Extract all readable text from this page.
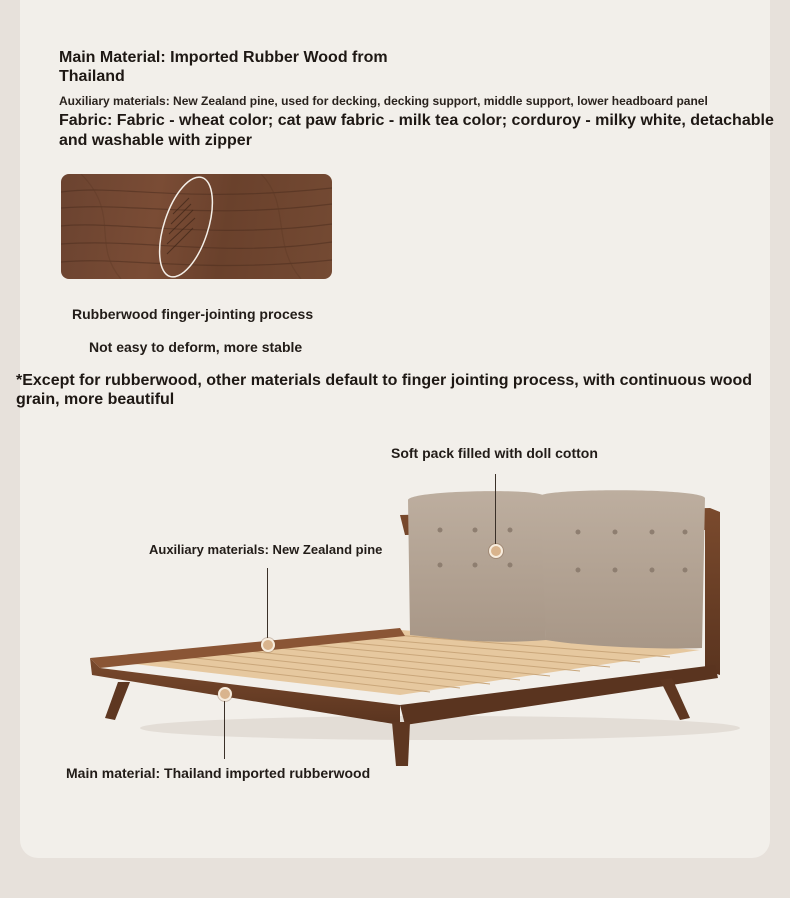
Main Material: Imported Rubber Wood from Thailand

Auxiliary materials: New Zealand pine, used for decking, decking support, middle support, lower headboard panel

Fabric: Fabric - wheat color; cat paw fabric - milk tea color; corduroy - milky white, detachable and washable with zipper

Rubberwood finger-jointing process

Not easy to deform, more stable

*Except for rubberwood, other materials default to finger jointing process, with continuous wood grain, more beautiful

Soft pack filled with doll cotton

Auxiliary materials: New Zealand pine

Main material: Thailand imported rubberwood
